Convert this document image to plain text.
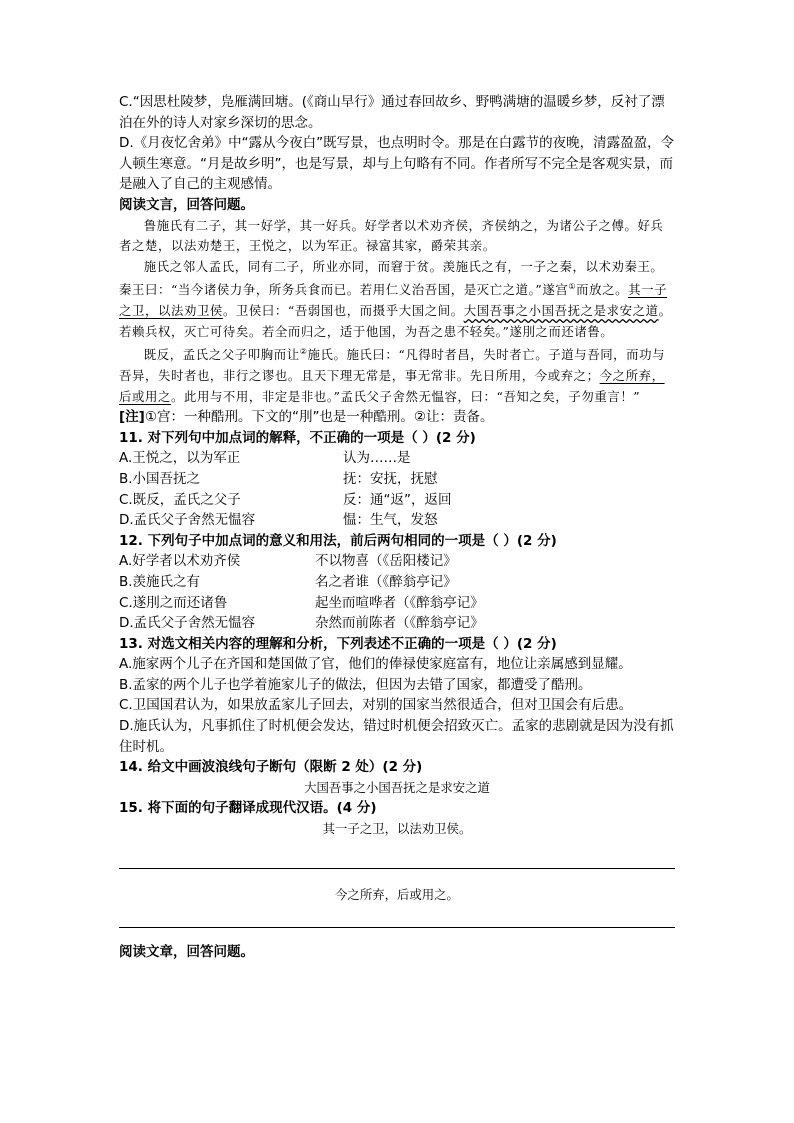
C.“因思杜陵梦，凫雁满回塘。(《商山早行》通过春回故乡、野鸭满塘的温暖乡梦，反衬了漂泊在外的诗人对家乡深切的思念。

D.《月夜忆舍弟》中“露从今夜白”既写景，也点明时令。那是在白露节的夜晚，清露盈盈，令人顿生寒意。“月是故乡明”，也是写景，却与上句略有不同。作者所写不完全是客观实景，而是融入了自己的主观感情。

阅读文言，回答问题。

鲁施氏有二子，其一好学，其一好兵。好学者以术劝齐侯，齐侯纳之，为诸公子之傅。好兵者之楚，以法劝楚王，王悦之，以为军正。禄富其家，爵荣其亲。

施氏之邻人孟氏，同有二子，所业亦同，而窘于贫。羡施氏之有，一子之秦，以术劝秦王。秦王曰：“当今诸侯力争，所务兵食而已。若用仁义治吾国，是灭亡之道。”遂宫①而放之。其一子之卫，以法劝卫侯。卫侯曰：“吾弱国也，而摄乎大国之间。大国吾事之小国吾抚之是求安之道。若赖兵权，灭亡可待矣。若全而归之，适于他国，为吾之患不轻矣。”遂刖之而还诸鲁。

既反，孟氏之父子叩胸而让②施氏。施氏曰：“凡得时者昌，失时者亡。子道与吾同，而功与吾异，失时者也，非行之谬也。且天下理无常是，事无常非。先日所用，今或弃之；今之所弃，后或用之。此用与不用，非定是非也。”孟氏父子舍然无愠容，曰：“吾知之矣，子勿重言！”

[注]①宫：一种酷刑。下文的“刖”也是一种酷刑。②让：责备。

11. 对下列句中加点词的解释，不正确的一项是（ ）(2 分)

A.王悦之，以为军正	认为……是
B.小国吾抚之	抚：安抚，抚慰
C.既反，孟氏之父子	反：通“返”，返回
D.孟氏父子舍然无愠容	愠：生气，发怒

12. 下列句子中加点词的意义和用法，前后两句相同的一项是（ ）(2 分)

A.好学者以术劝齐侯	不以物喜（《岳阳楼记》
B.羡施氏之有	名之者谁（《醉翁亭记》
C.遂刖之而还诸鲁	起坐而喧哗者（《醉翁亭记》
D.孟氏父子舍然无愠容	杂然而前陈者（《醉翁亭记》

13. 对选文相关内容的理解和分析，下列表述不正确的一项是（ ）(2 分)

A.施家两个儿子在齐国和楚国做了官，他们的俸禄使家庭富有，地位让亲属感到显耀。

B.孟家的两个儿子也学着施家儿子的做法，但因为去错了国家，都遭受了酷刑。

C.卫国国君认为，如果放孟家儿子回去，对别的国家当然很适合，但对卫国会有后患。

D.施氏认为，凡事抓住了时机便会发达，错过时机便会招致灭亡。孟家的悲剧就是因为没有抓住时机。

14. 给文中画波浪线句子断句（限断 2 处）(2 分)

大国吾事之小国吾抚之是求安之道

15. 将下面的句子翻译成现代汉语。(4 分)

其一子之卫，以法劝卫侯。
今之所弃，后或用之。

阅读文章，回答问题。
